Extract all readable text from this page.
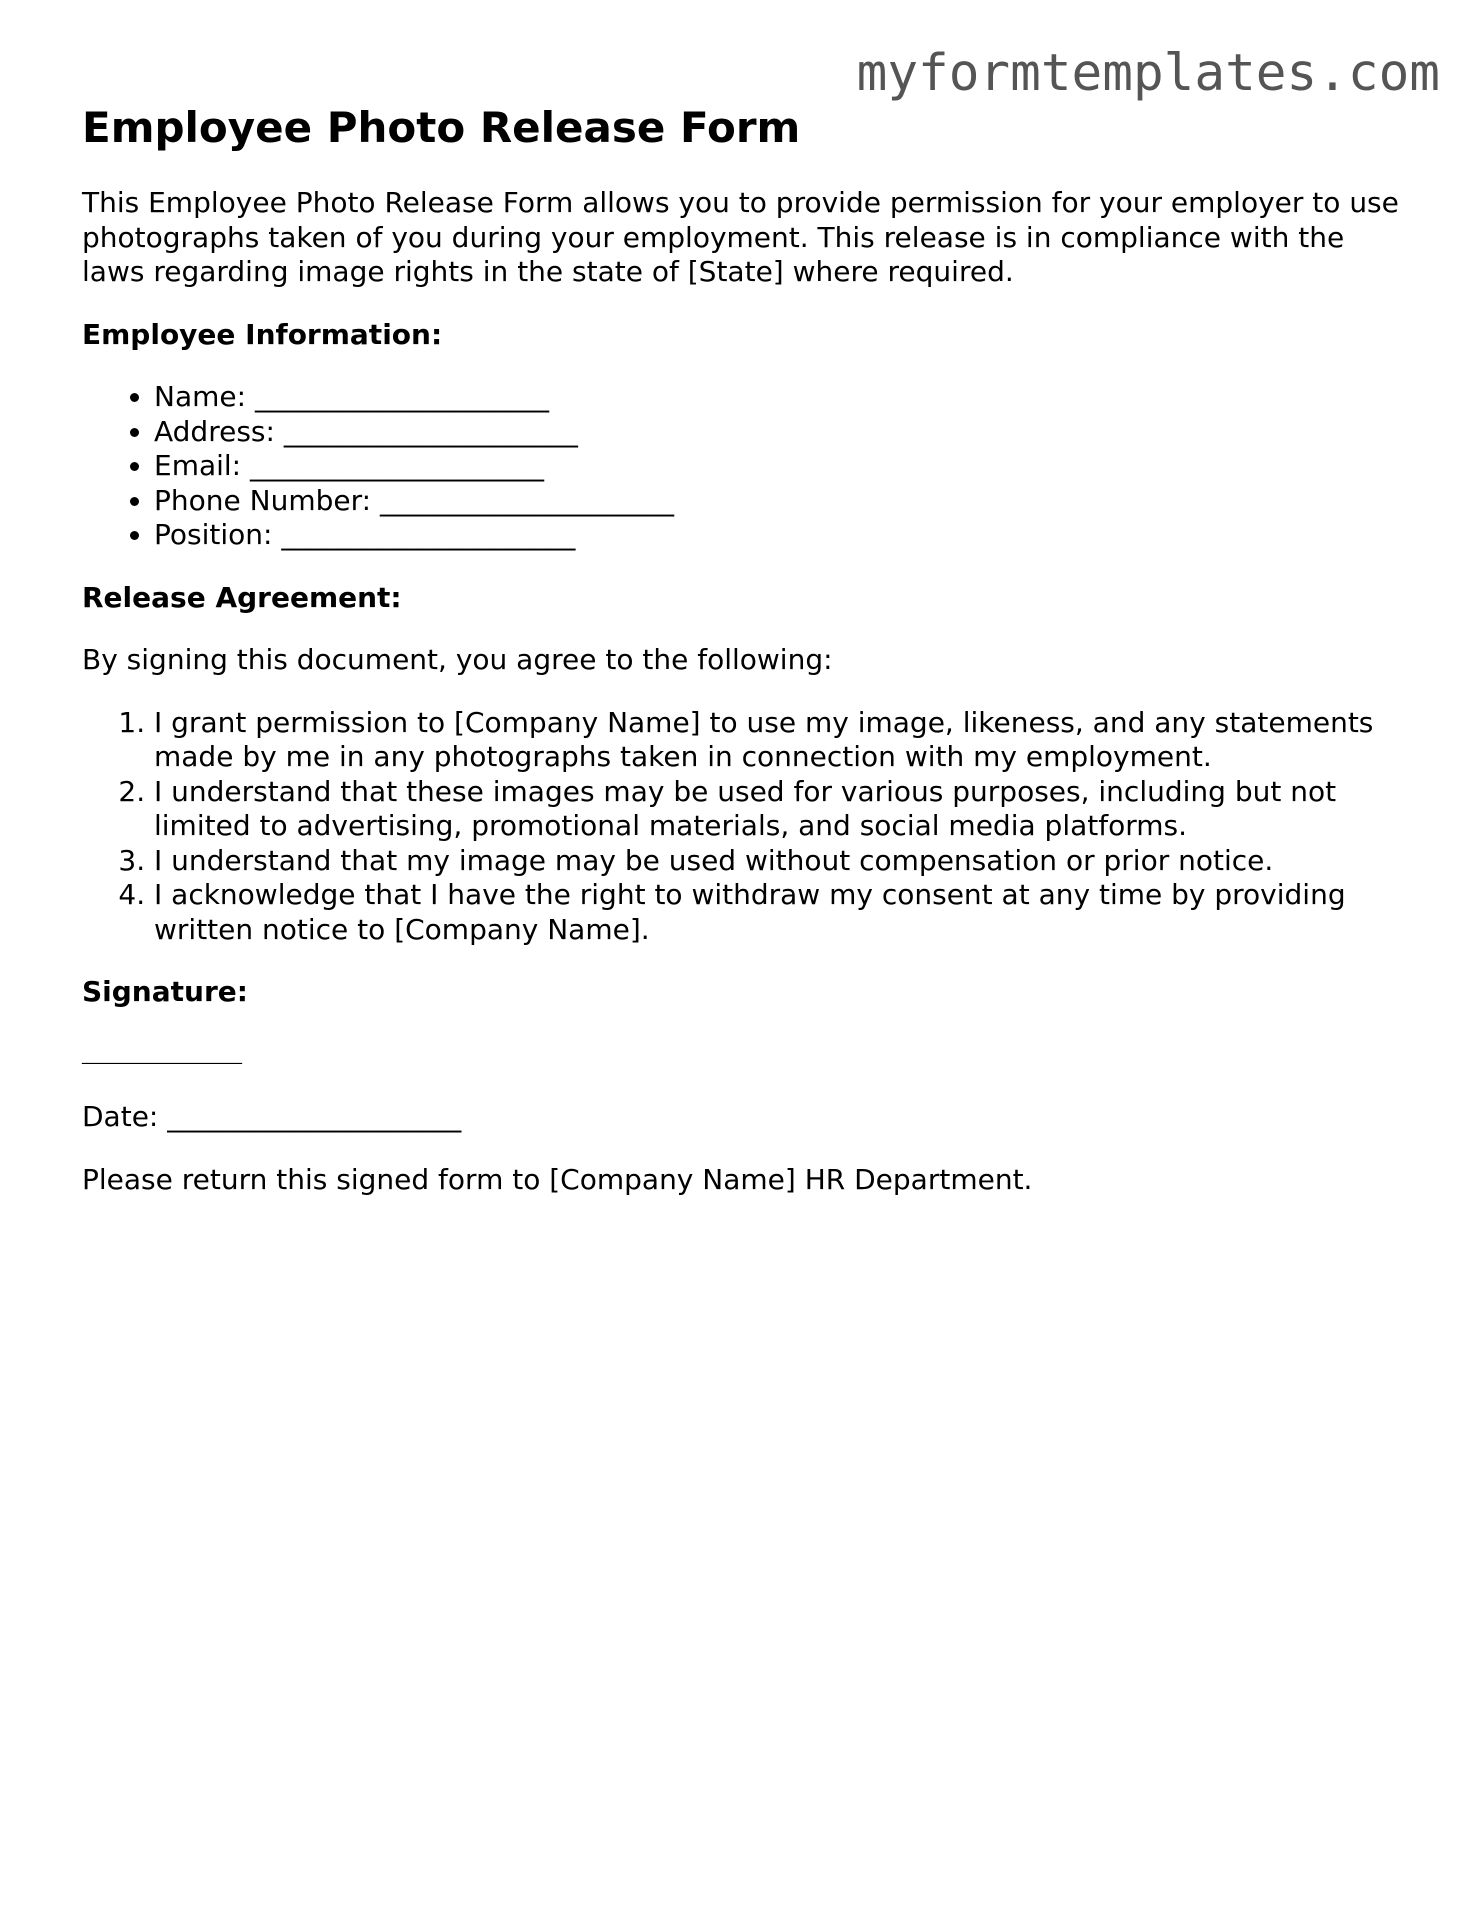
myformtemplates.com
Employee Photo Release Form

This Employee Photo Release Form allows you to provide permission for your employer to use photographs taken of you during your employment. This release is in compliance with the laws regarding image rights in the state of [State] where required.

Employee Information:
• Name: _____________________
• Address: _____________________
• Email: _____________________
• Phone Number: _____________________
• Position: _____________________
Release Agreement:

By signing this document, you agree to the following:

1. I grant permission to [Company Name] to use my image, likeness, and any statements made by me in any photographs taken in connection with my employment.
2. I understand that these images may be used for various purposes, including but not limited to advertising, promotional materials, and social media platforms.
3. I understand that my image may be used without compensation or prior notice.
4. I acknowledge that I have the right to withdraw my consent at any time by providing written notice to [Company Name].
Signature:
____________________

Date: _____________________

Please return this signed form to [Company Name] HR Department.
